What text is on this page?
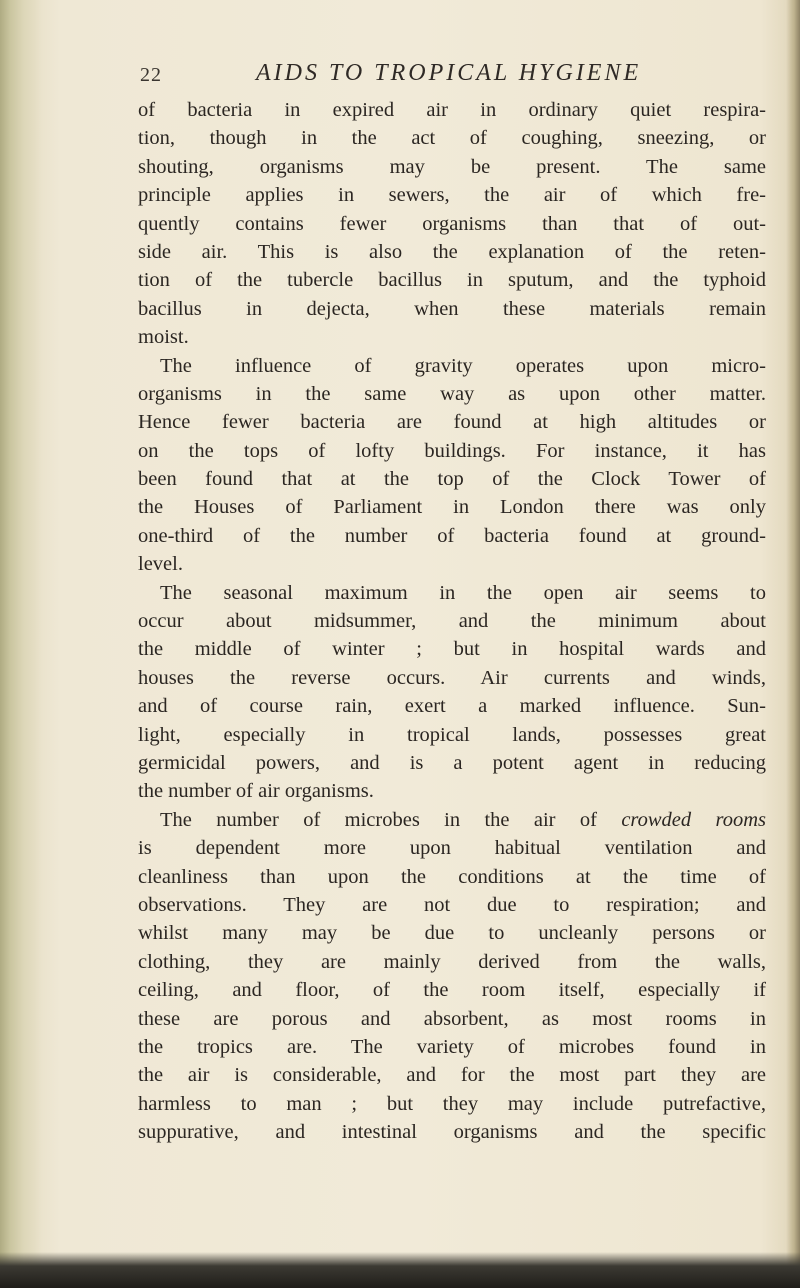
22	AIDS TO TROPICAL HYGIENE
of bacteria in expired air in ordinary quiet respira-
tion, though in the act of coughing, sneezing, or
shouting, organisms may be present. The same
principle applies in sewers, the air of which fre-
quently contains fewer organisms than that of out-
side air. This is also the explanation of the reten-
tion of the tubercle bacillus in sputum, and the typhoid
bacillus in dejecta, when these materials remain
moist.
The influence of gravity operates upon micro-
organisms in the same way as upon other matter.
Hence fewer bacteria are found at high altitudes or
on the tops of lofty buildings. For instance, it has
been found that at the top of the Clock Tower of
the Houses of Parliament in London there was only
one-third of the number of bacteria found at ground-
level.
The seasonal maximum in the open air seems to
occur about midsummer, and the minimum about
the middle of winter ; but in hospital wards and
houses the reverse occurs. Air currents and winds,
and of course rain, exert a marked influence. Sun-
light, especially in tropical lands, possesses great
germicidal powers, and is a potent agent in reducing
the number of air organisms.
The number of microbes in the air of crowded rooms
is dependent more upon habitual ventilation and
cleanliness than upon the conditions at the time of
observations. They are not due to respiration; and
whilst many may be due to uncleanly persons or
clothing, they are mainly derived from the walls,
ceiling, and floor, of the room itself, especially if
these are porous and absorbent, as most rooms in
the tropics are. The variety of microbes found in
the air is considerable, and for the most part they are
harmless to man ; but they may include putrefactive,
suppurative, and intestinal organisms and the specific
